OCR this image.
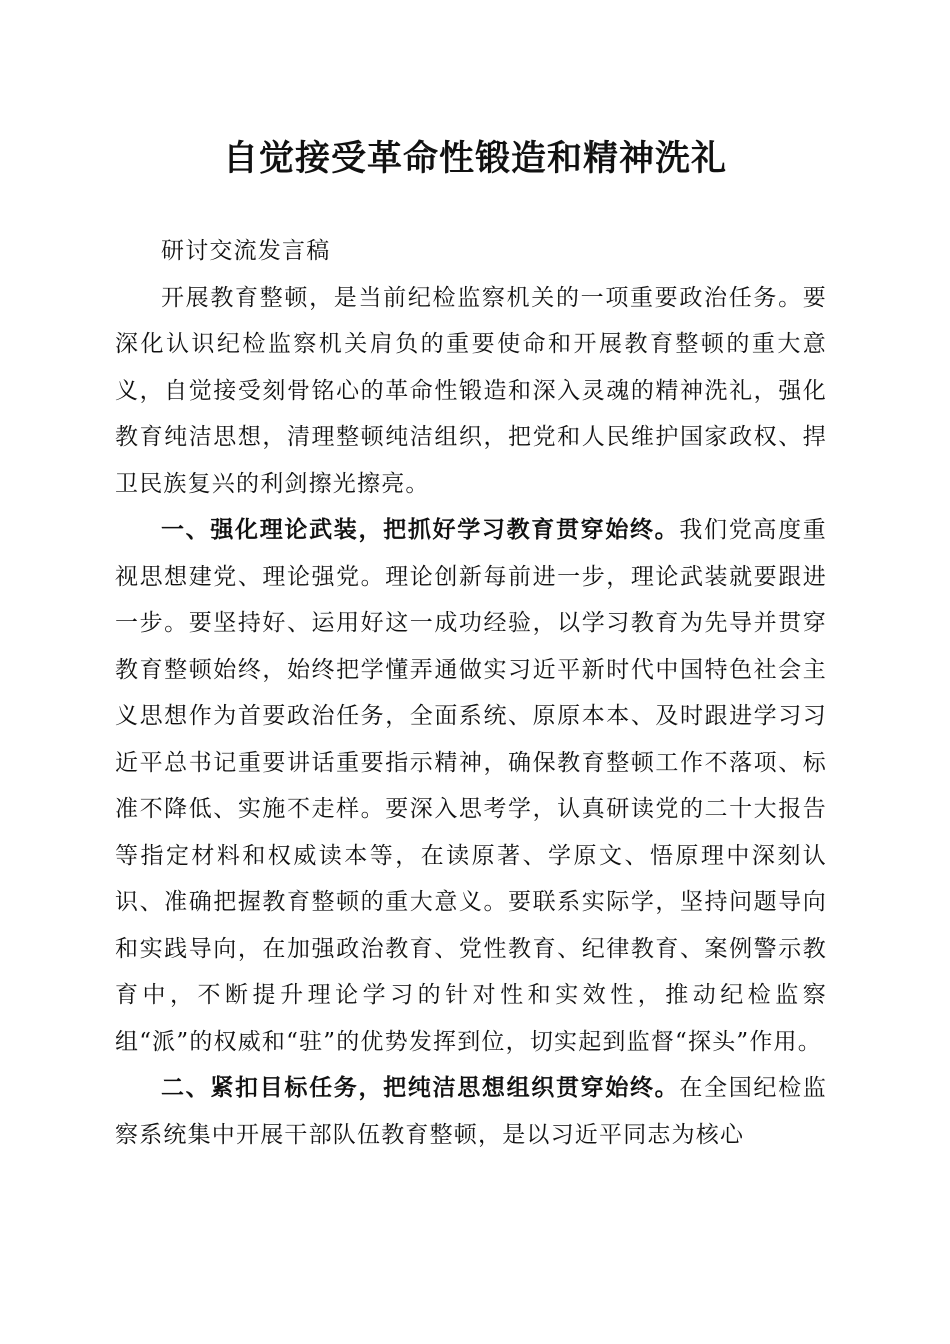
自觉接受革命性锻造和精神洗礼

研讨交流发言稿

开展教育整顿，是当前纪检监察机关的一项重要政治任务。要深化认识纪检监察机关肩负的重要使命和开展教育整顿的重大意义，自觉接受刻骨铭心的革命性锻造和深入灵魂的精神洗礼，强化教育纯洁思想，清理整顿纯洁组织，把党和人民维护国家政权、捍卫民族复兴的利剑擦光擦亮。

一、强化理论武装，把抓好学习教育贯穿始终。我们党高度重视思想建党、理论强党。理论创新每前进一步，理论武装就要跟进一步。要坚持好、运用好这一成功经验，以学习教育为先导并贯穿教育整顿始终，始终把学懂弄通做实习近平新时代中国特色社会主义思想作为首要政治任务，全面系统、原原本本、及时跟进学习习近平总书记重要讲话重要指示精神，确保教育整顿工作不落项、标准不降低、实施不走样。要深入思考学，认真研读党的二十大报告等指定材料和权威读本等，在读原著、学原文、悟原理中深刻认识、准确把握教育整顿的重大意义。要联系实际学，坚持问题导向和实践导向，在加强政治教育、党性教育、纪律教育、案例警示教育中，不断提升理论学习的针对性和实效性，推动纪检监察组“派”的权威和“驻”的优势发挥到位，切实起到监督“探头”作用。

二、紧扣目标任务，把纯洁思想组织贯穿始终。在全国纪检监察系统集中开展干部队伍教育整顿，是以习近平同志为核心
